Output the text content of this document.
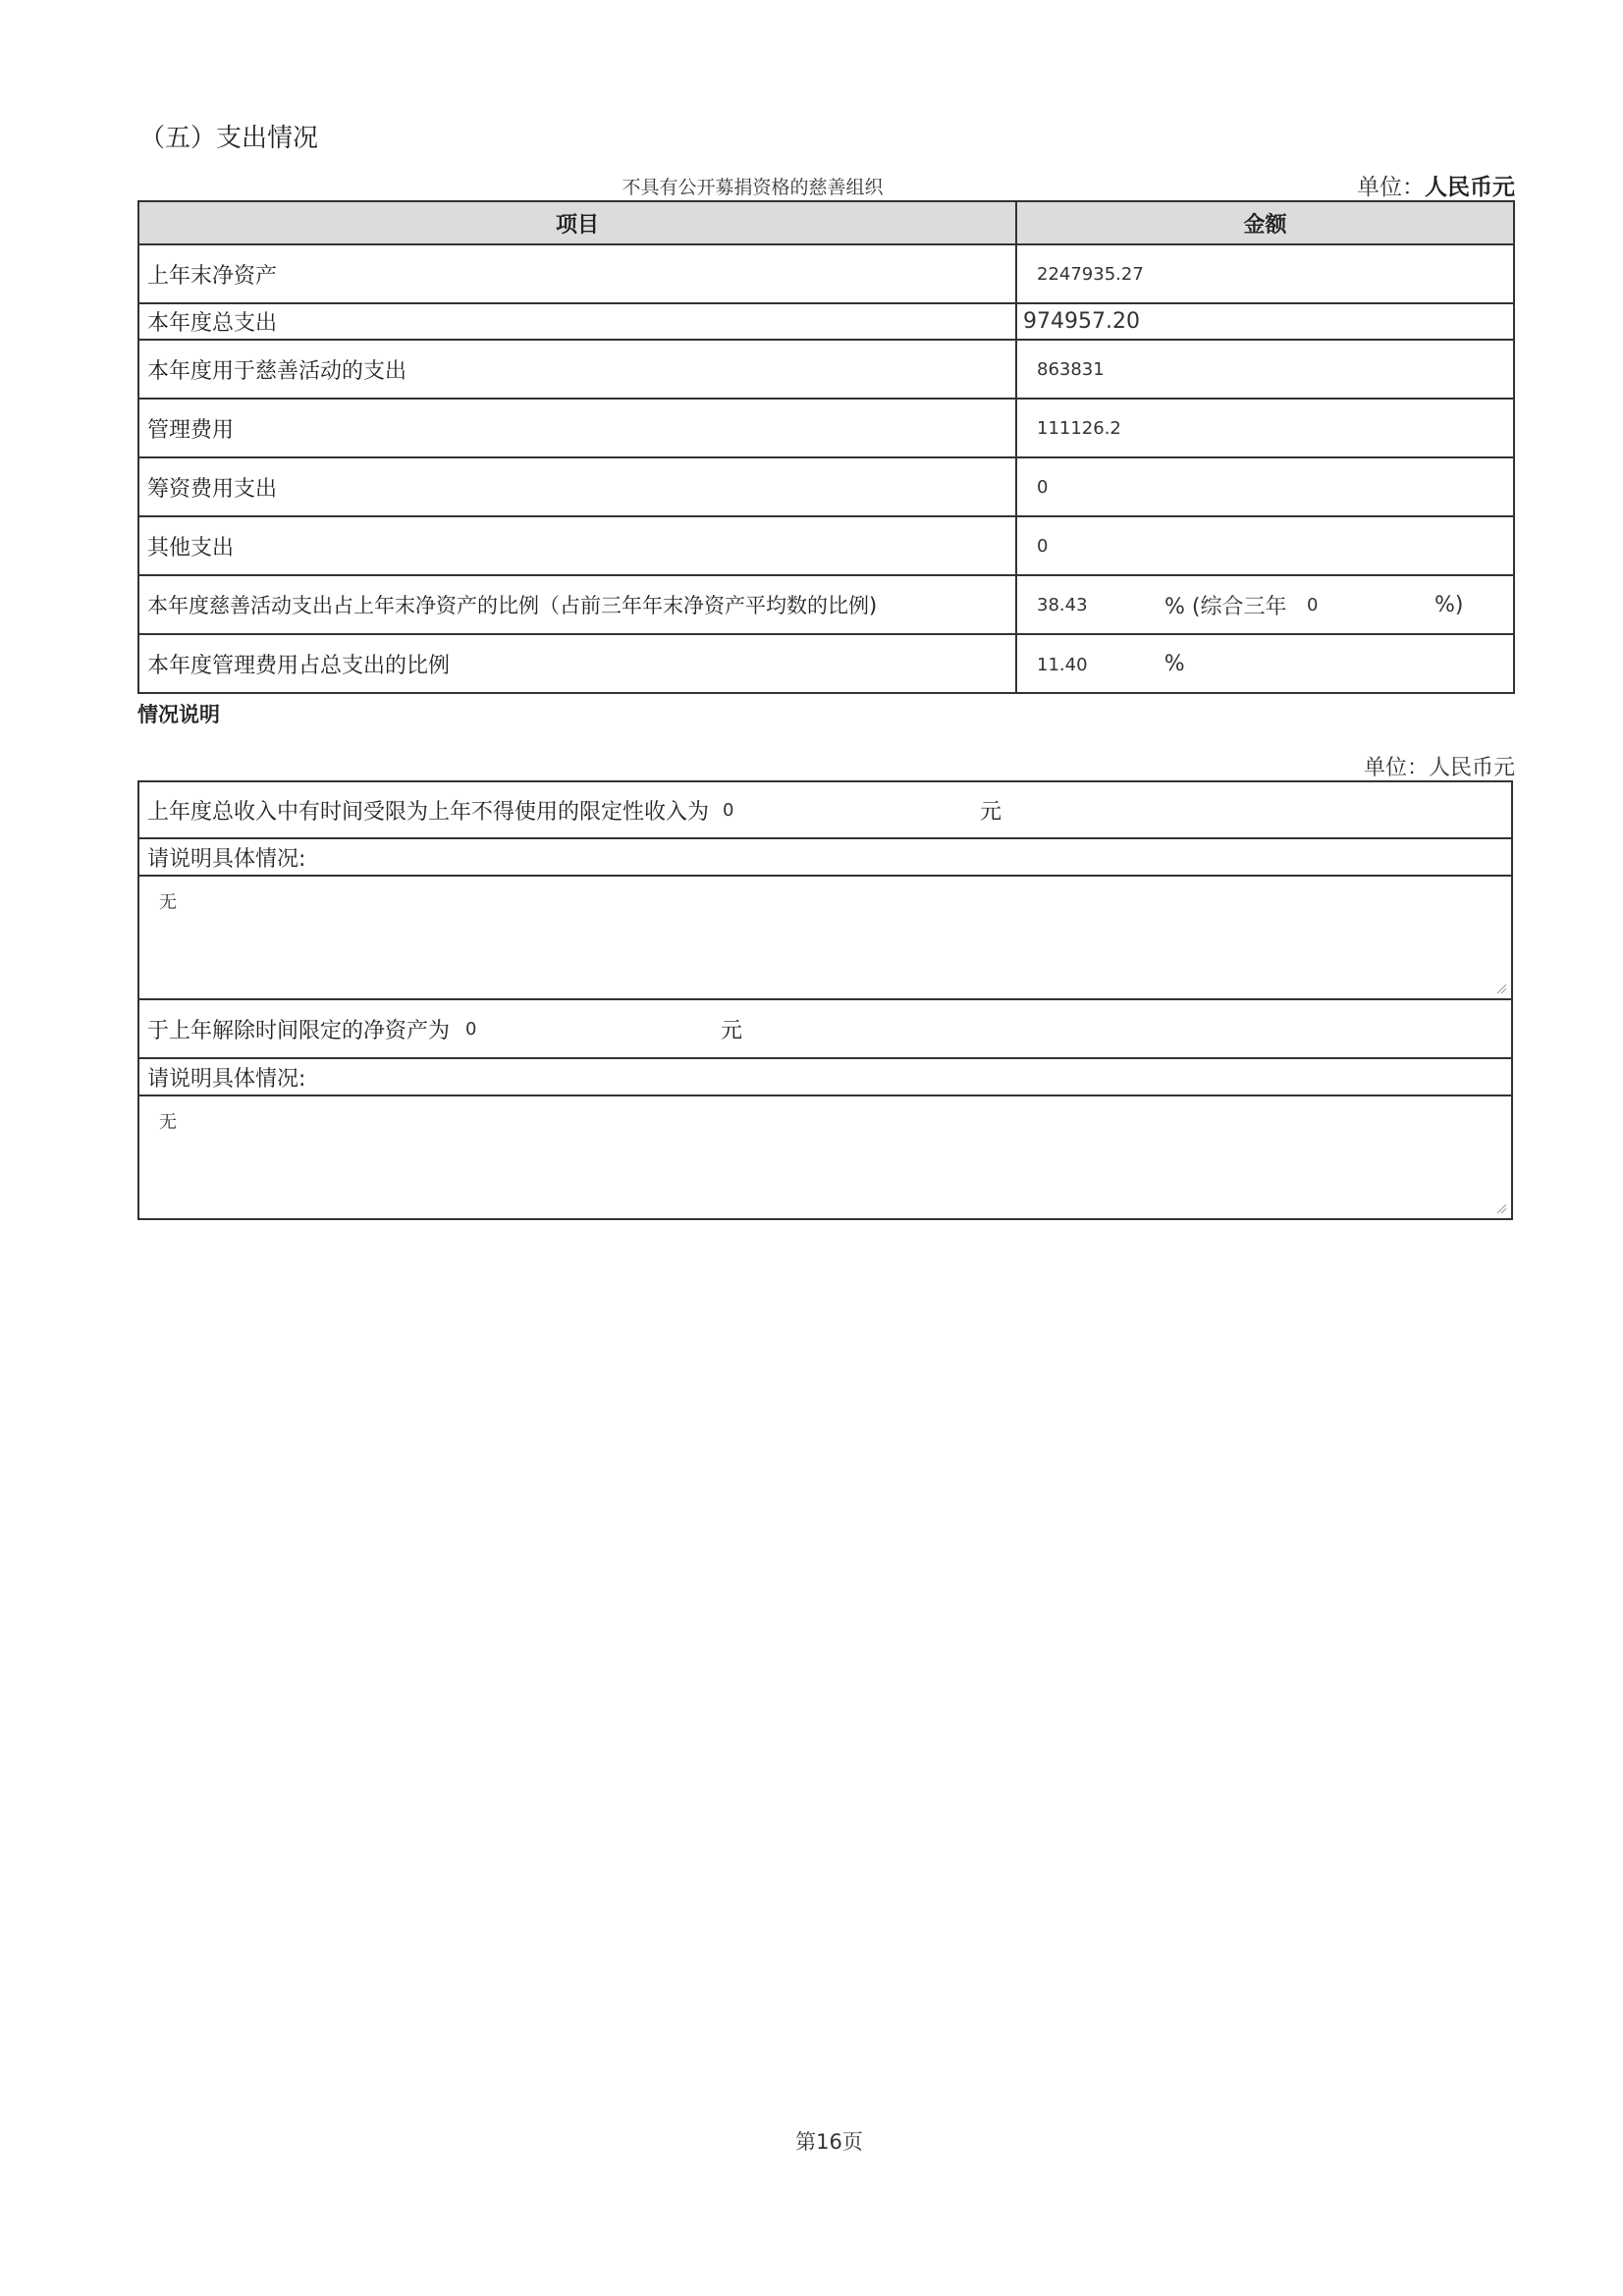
（五）支出情况
不具有公开募捐资格的慈善组织	单位：人民币元
项目	金额
上年末净资产	2247935.27
本年度总支出	974957.20
本年度用于慈善活动的支出	863831
管理费用	111126.2
筹资费用支出	0
其他支出	0
本年度慈善活动支出占上年末净资产的比例（占前三年年末净资产平均数的比例)	38.43 % (综合三年 0 %)

本年度管理费用占总支出的比例	11.40 %
情况说明
单位：人民币元
上年度总收入中有时间受限为上年不得使用的限定性收入为 0	元
请说明具体情况:
无
于上年解除时间限定的净资产为 0	元
请说明具体情况:
无
第16页
